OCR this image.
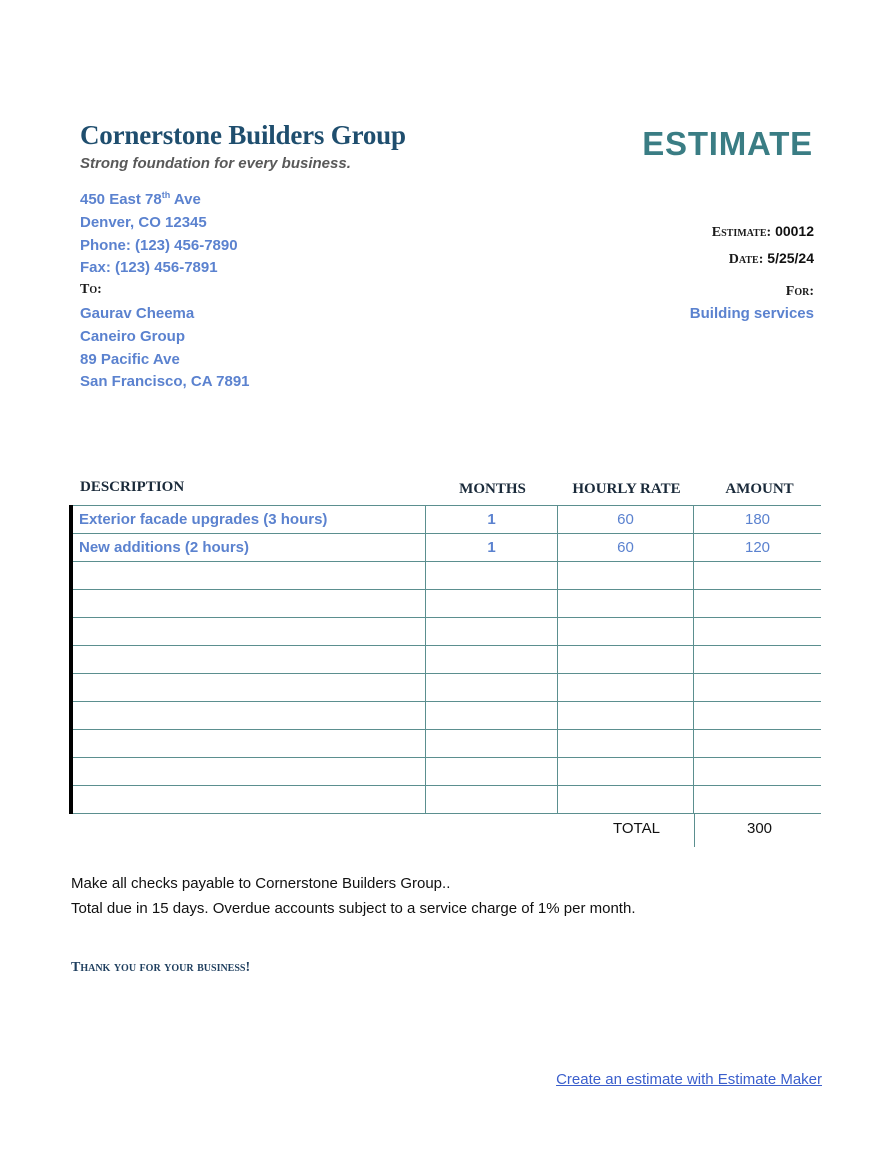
Cornerstone Builders Group
Strong foundation for every business.
ESTIMATE
450 East 78th Ave
Denver, CO 12345
Phone: (123) 456-7890
Fax: (123) 456-7891
Estimate: 00012
Date: 5/25/24
To:	For:
Building services
Gaurav Cheema
Caneiro Group
89 Pacific Ave
San Francisco, CA 7891
DESCRIPTION	MONTHS	HOURLY RATE	AMOUNT
Exterior facade upgrades (3 hours)	1	60	180
New additions (2 hours)	1	60	120

TOTAL	300
Make all checks payable to Cornerstone Builders Group..
Total due in 15 days. Overdue accounts subject to a service charge of 1% per month.
Thank you for your business!
Create an estimate with Estimate Maker
